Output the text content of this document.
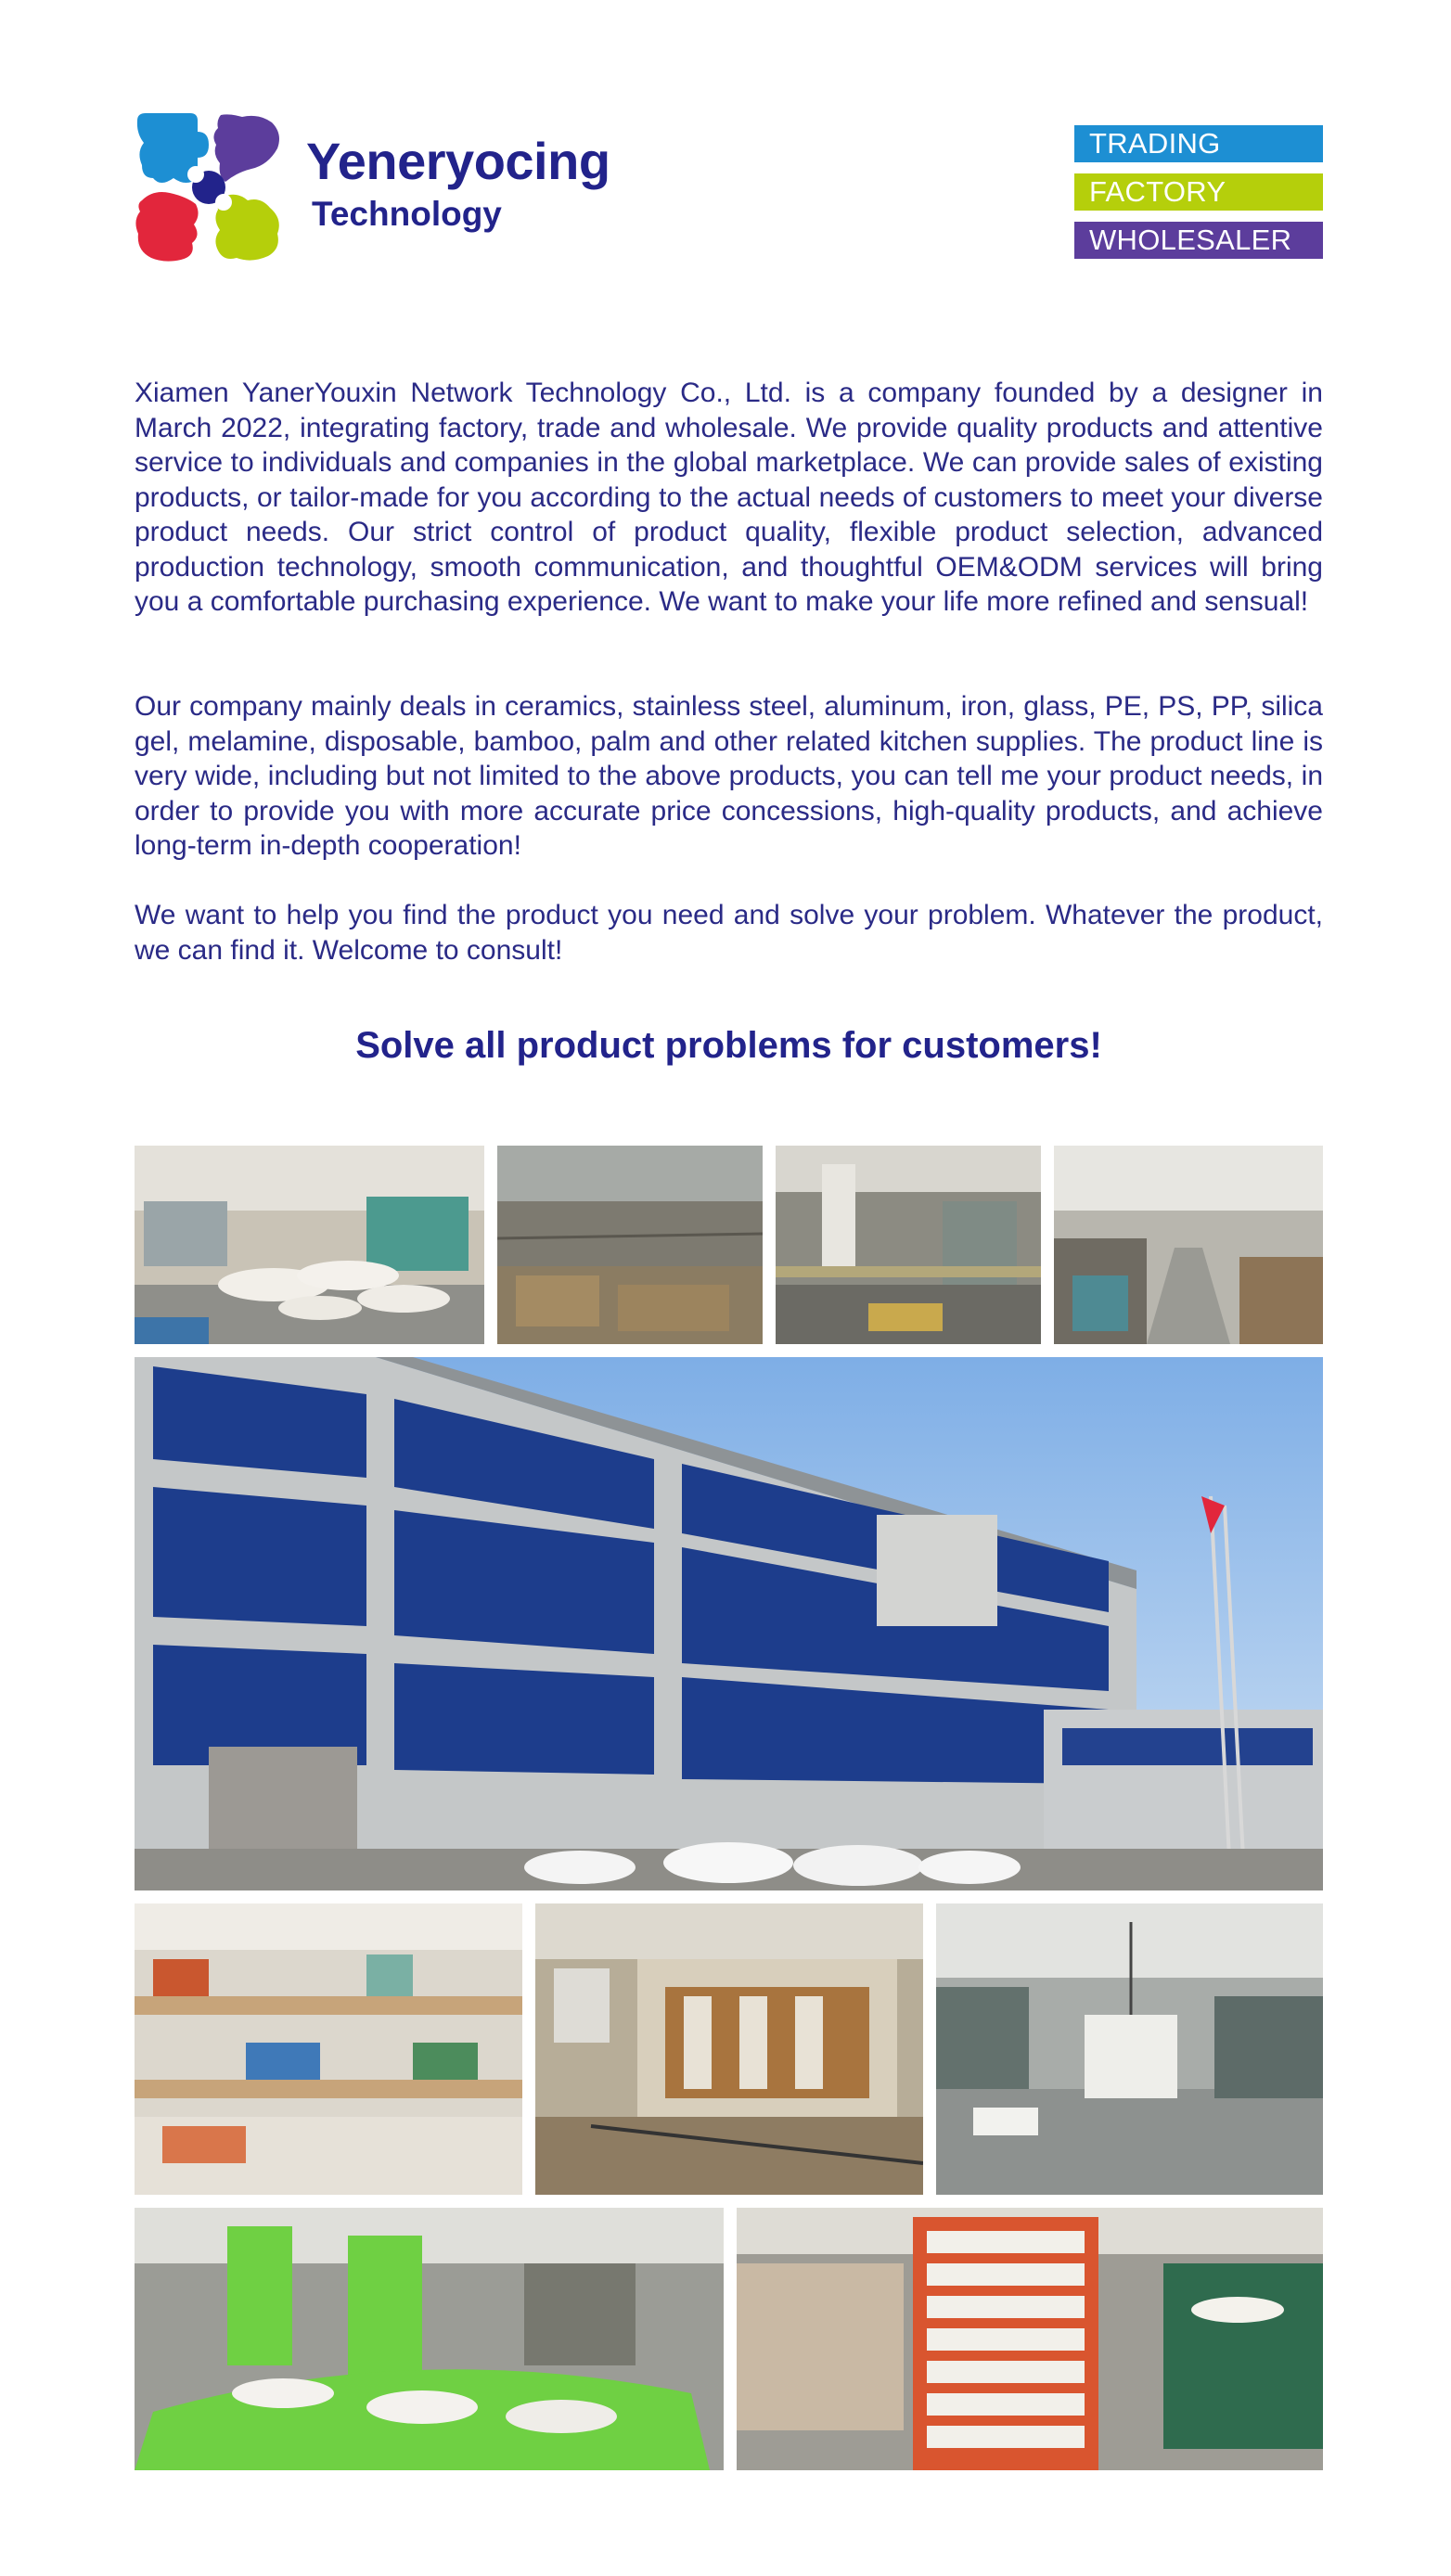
Yeneryocing
Technology
TRADING
FACTORY
WHOLESALER
Xiamen YanerYouxin Network Technology Co., Ltd. is a company founded by a designer in March 2022, integrating factory, trade and wholesale. We provide quality products and attentive service to individuals and companies in the global marketplace. We can provide sales of existing products, or tailor-made for you according to the actual needs of customers to meet your diverse product needs. Our strict control of product quality, flexible product selection, advanced production technology, smooth communication, and thoughtful OEM&ODM services will bring you a comfortable purchasing experience. We want to make your life more refined and sensual!
Our company mainly deals in ceramics, stainless steel, aluminum, iron, glass, PE, PS, PP, silica gel, melamine, disposable, bamboo, palm and other related kitchen supplies. The product line is very wide, including but not limited to the above products, you can tell me your product needs, in order to provide you with more accurate price concessions, high-quality products, and achieve long-term in-depth cooperation!
We want to help you find the product you need and solve your problem. Whatever the product, we can find it. Welcome to consult!
Solve all product problems for customers!
